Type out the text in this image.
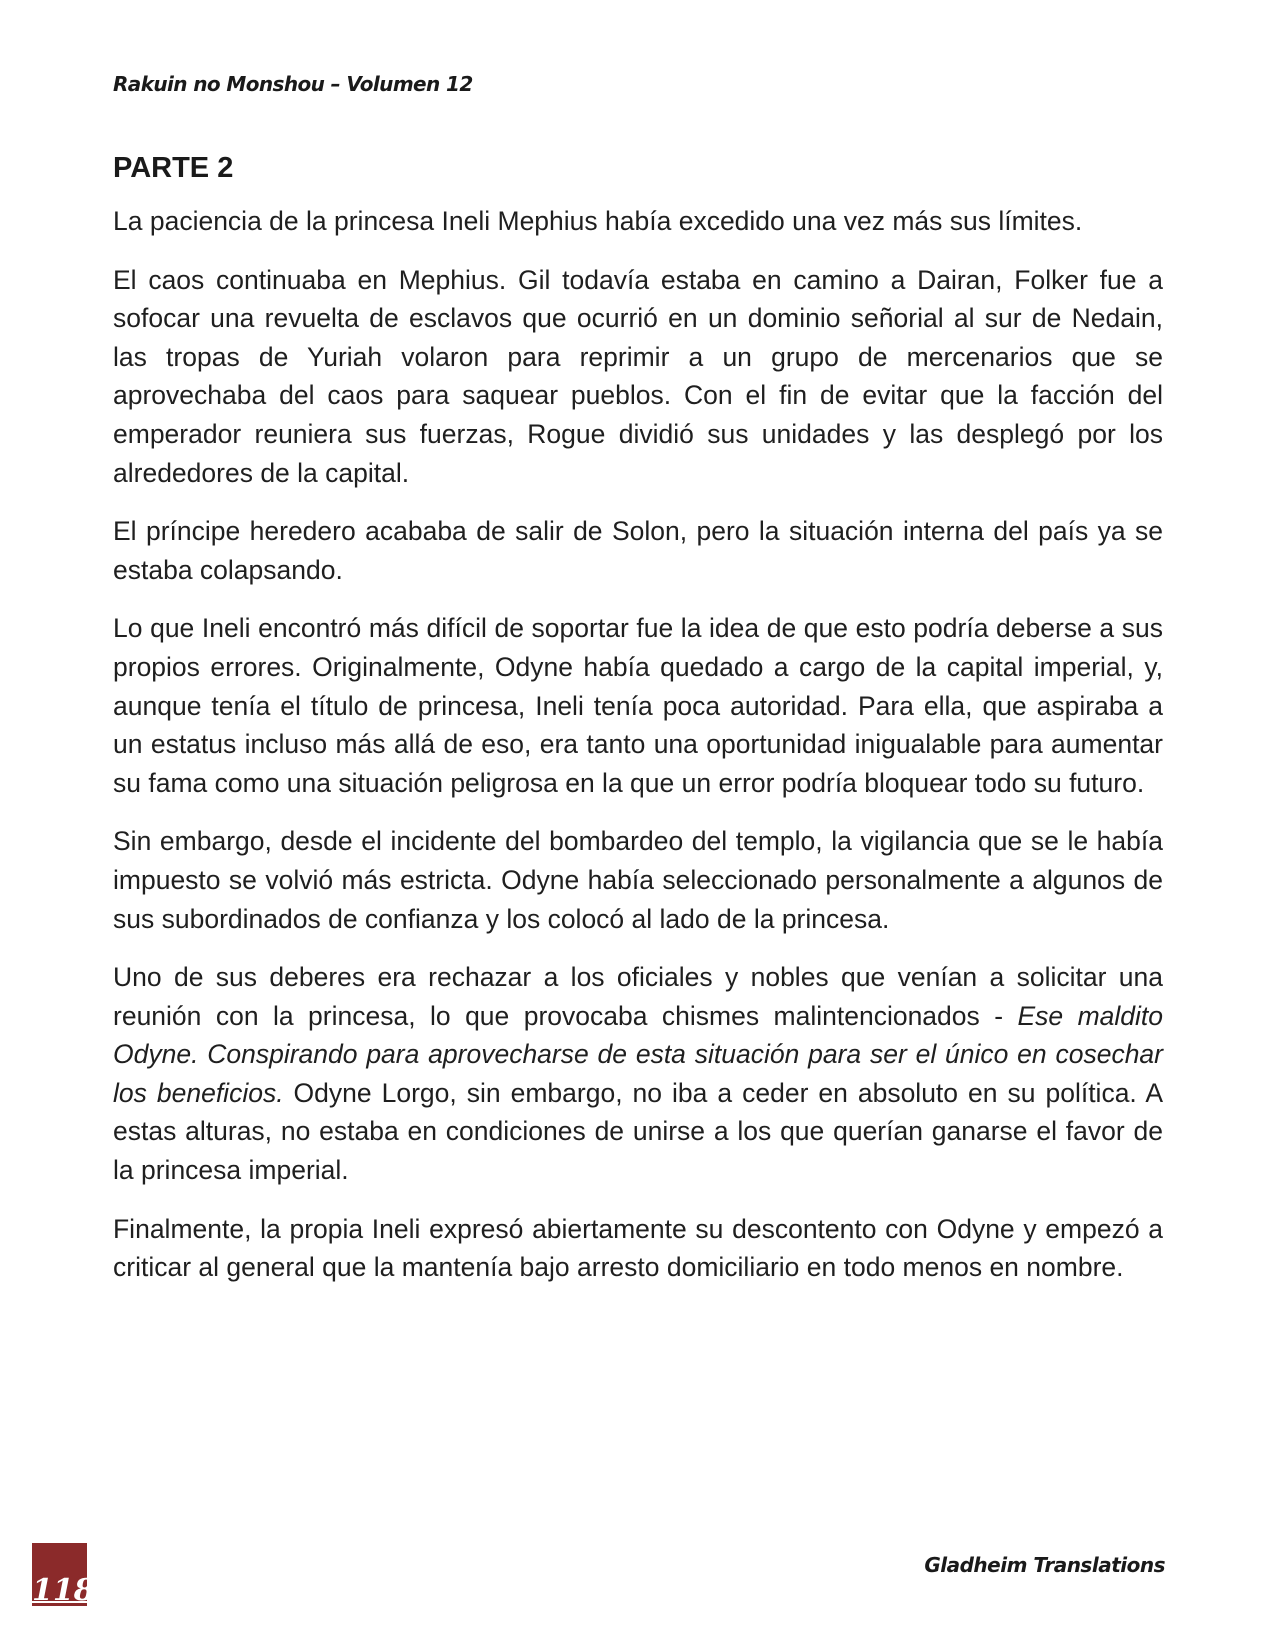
Rakuin no Monshou – Volumen 12
PARTE 2

La paciencia de la princesa Ineli Mephius había excedido una vez más sus límites.

El caos continuaba en Mephius. Gil todavía estaba en camino a Dairan, Folker fue a sofocar una revuelta de esclavos que ocurrió en un dominio señorial al sur de Nedain, las tropas de Yuriah volaron para reprimir a un grupo de mercenarios que se aprovechaba del caos para saquear pueblos. Con el fin de evitar que la facción del emperador reuniera sus fuerzas, Rogue dividió sus unidades y las desplegó por los alrededores de la capital.

El príncipe heredero acababa de salir de Solon, pero la situación interna del país ya se estaba colapsando.

Lo que Ineli encontró más difícil de soportar fue la idea de que esto podría deberse a sus propios errores. Originalmente, Odyne había quedado a cargo de la capital imperial, y, aunque tenía el título de princesa, Ineli tenía poca autoridad. Para ella, que aspiraba a un estatus incluso más allá de eso, era tanto una oportunidad inigualable para aumentar su fama como una situación peligrosa en la que un error podría bloquear todo su futuro.

Sin embargo, desde el incidente del bombardeo del templo, la vigilancia que se le había impuesto se volvió más estricta. Odyne había seleccionado personalmente a algunos de sus subordinados de confianza y los colocó al lado de la princesa.

Uno de sus deberes era rechazar a los oficiales y nobles que venían a solicitar una reunión con la princesa, lo que provocaba chismes malintencionados - Ese maldito Odyne. Conspirando para aprovecharse de esta situación para ser el único en cosechar los beneficios. Odyne Lorgo, sin embargo, no iba a ceder en absoluto en su política. A estas alturas, no estaba en condiciones de unirse a los que querían ganarse el favor de la princesa imperial.

Finalmente, la propia Ineli expresó abiertamente su descontento con Odyne y empezó a criticar al general que la mantenía bajo arresto domiciliario en todo menos en nombre.

118
Gladheim Translations
